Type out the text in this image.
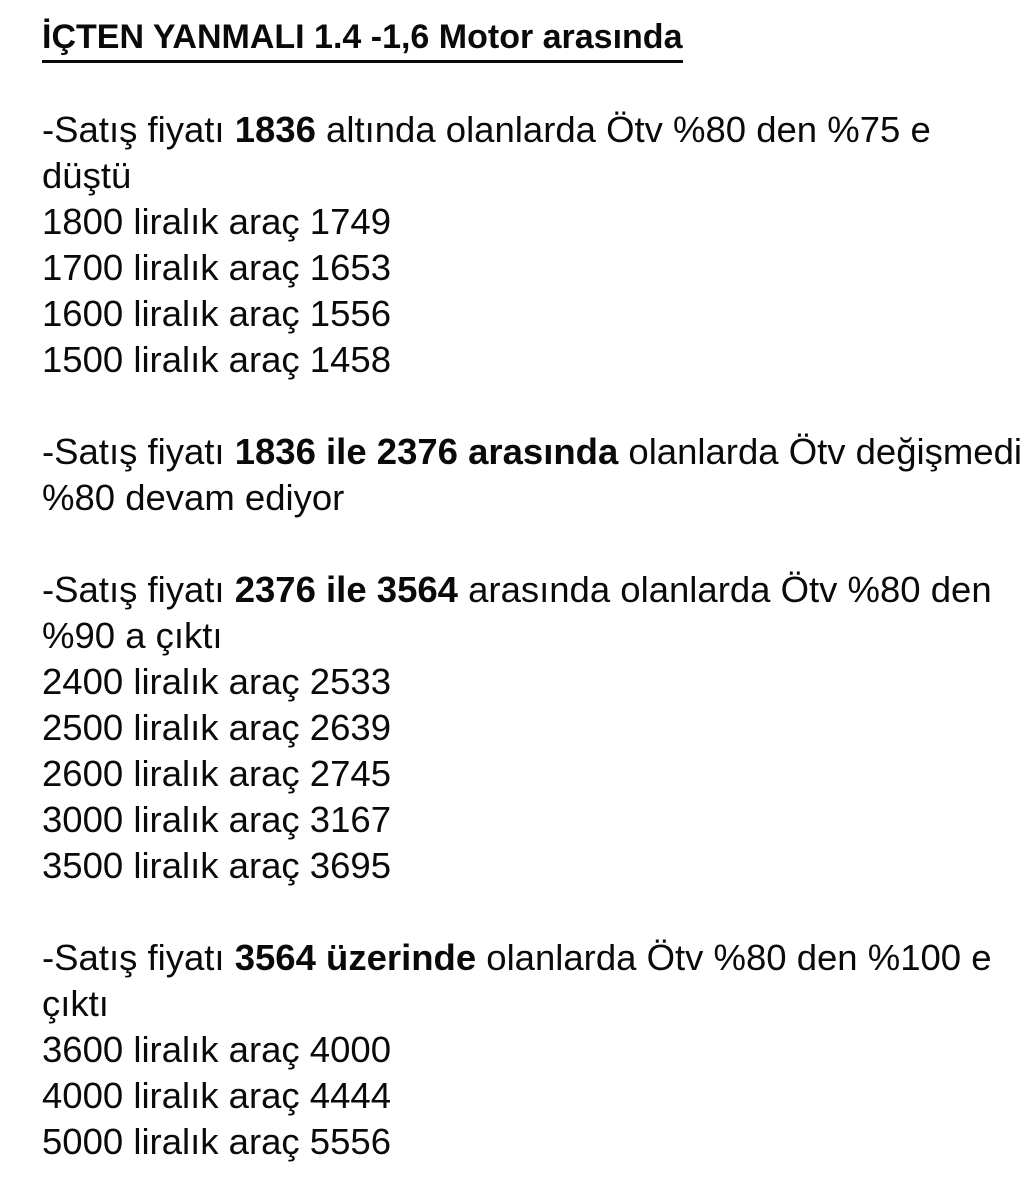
İÇTEN YANMALI 1.4 -1,6 Motor arasında
-Satış fiyatı 1836 altında olanlarda Ötv %80 den %75 e düştü
1800 liralık araç 1749
1700 liralık araç 1653
1600 liralık araç 1556
1500 liralık araç 1458
-Satış fiyatı 1836 ile 2376 arasında olanlarda Ötv değişmedi %80 devam ediyor
-Satış fiyatı 2376 ile 3564 arasında olanlarda Ötv %80 den %90 a çıktı
2400 liralık araç 2533
2500 liralık araç 2639
2600 liralık araç 2745
3000 liralık araç 3167
3500 liralık araç 3695
-Satış fiyatı 3564 üzerinde olanlarda Ötv %80 den %100 e çıktı
3600 liralık araç 4000
4000 liralık araç 4444
5000 liralık araç 5556
